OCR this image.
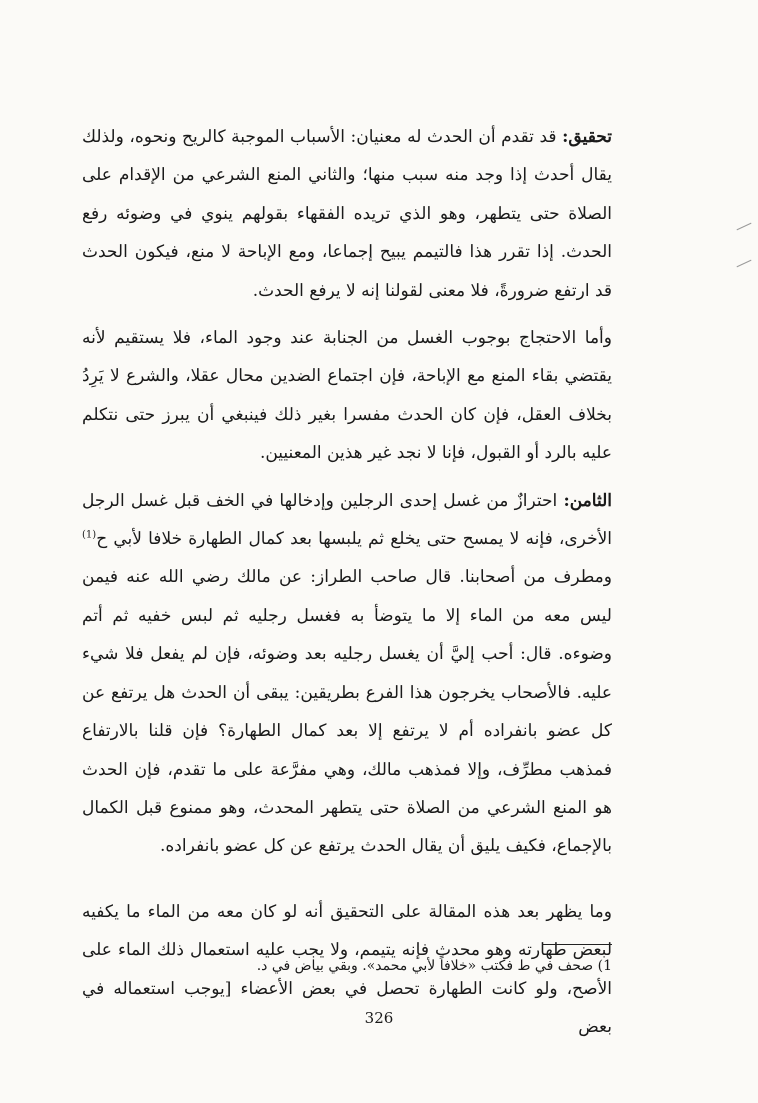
تحقيق: قد تقدم أن الحدث له معنيان: الأسباب الموجبة كالريح ونحوه، ولذلك يقال أحدث إذا وجد منه سبب منها؛ والثاني المنع الشرعي من الإقدام على الصلاة حتى يتطهر، وهو الذي تريده الفقهاء بقولهم ينوي في وضوئه رفع الحدث. إذا تقرر هذا فالتيمم يبيح إجماعا، ومع الإباحة لا منع، فيكون الحدث قد ارتفع ضرورةً، فلا معنى لقولنا إنه لا يرفع الحدث.

وأما الاحتجاج بوجوب الغسل من الجنابة عند وجود الماء، فلا يستقيم لأنه يقتضي بقاء المنع مع الإباحة، فإن اجتماع الضدين محال عقلا، والشرع لا يَرِدُ بخلاف العقل، فإن كان الحدث مفسرا بغير ذلك فينبغي أن يبرز حتى نتكلم عليه بالرد أو القبول، فإنا لا نجد غير هذين المعنيين.

الثامن: احترازٌ من غسل إحدى الرجلين وإدخالها في الخف قبل غسل الرجل الأخرى، فإنه لا يمسح حتى يخلع ثم يلبسها بعد كمال الطهارة خلافا لأبي ح$^{(1)}$ ومطرف من أصحابنا. قال صاحب الطراز: عن مالك رضي الله عنه فيمن ليس معه من الماء إلا ما يتوضأ به فغسل رجليه ثم لبس خفيه ثم أتم وضوءه. قال: أحب إليَّ أن يغسل رجليه بعد وضوئه، فإن لم يفعل فلا شيء عليه. فالأصحاب يخرجون هذا الفرع بطريقين: يبقى أن الحدث هل يرتفع عن كل عضو بانفراده أم لا يرتفع إلا بعد كمال الطهارة؟ فإن قلنا بالارتفاع فمذهب مطرِّف، وإلا فمذهب مالك، وهي مفرَّعة على ما تقدم، فإن الحدث هو المنع الشرعي من الصلاة حتى يتطهر المحدث، وهو ممنوع قبل الكمال بالإجماع، فكيف يليق أن يقال الحدث يرتفع عن كل عضو بانفراده.

وما يظهر بعد هذه المقالة على التحقيق أنه لو كان معه من الماء ما يكفيه لبعض طهارته وهو محدث فإنه يتيمم، ولا يجب عليه استعمال ذلك الماء على الأصح، ولو كانت الطهارة تحصل في بعض الأعضاء [يوجب استعماله في بعض

1) صحف في ط فكتب «خلافاً لأبي محمد». وبقي بياض في د.

326
